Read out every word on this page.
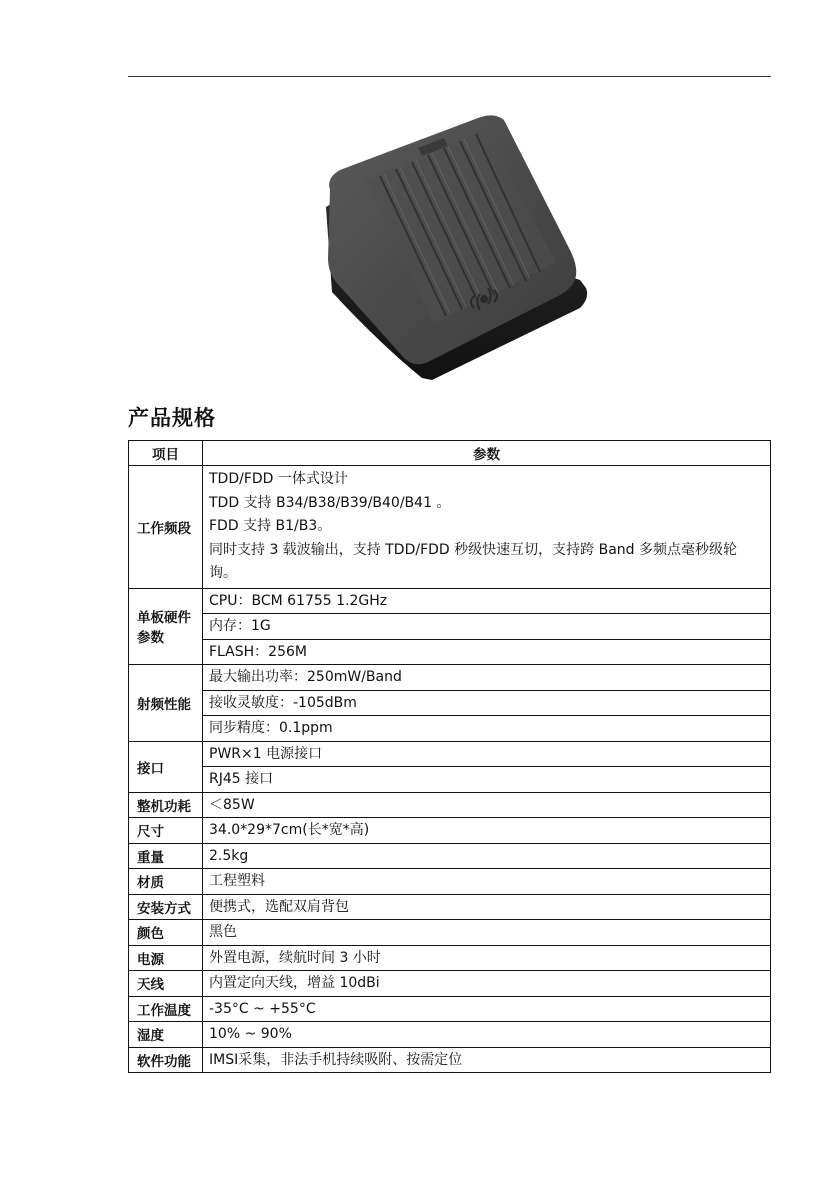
产品规格
项目	参数
工作频段	TDD/FDD 一体式设计
TDD 支持 B34/B38/B39/B40/B41 。
FDD 支持 B1/B3。
同时支持 3 载波输出，支持 TDD/FDD 秒级快速互切，支持跨 Band 多频点毫秒级轮
询。

单板硬件参数	CPU：BCM 61755 1.2GHz
	内存：1G
	FLASH：256M
射频性能	最大输出功率：250mW/Band
	接收灵敏度：-105dBm
	同步精度：0.1ppm
接口	PWR×1 电源接口
	RJ45 接口
整机功耗	＜85W
尺寸	34.0*29*7cm(长*宽*高)
重量	2.5kg
材质	工程塑料
安装方式	便携式，选配双肩背包
颜色	黑色
电源	外置电源，续航时间 3 小时
天线	内置定向天线，增益 10dBi
工作温度	-35°C ~ +55°C
湿度	10% ~ 90%
软件功能	IMSI采集，非法手机持续吸附、按需定位
